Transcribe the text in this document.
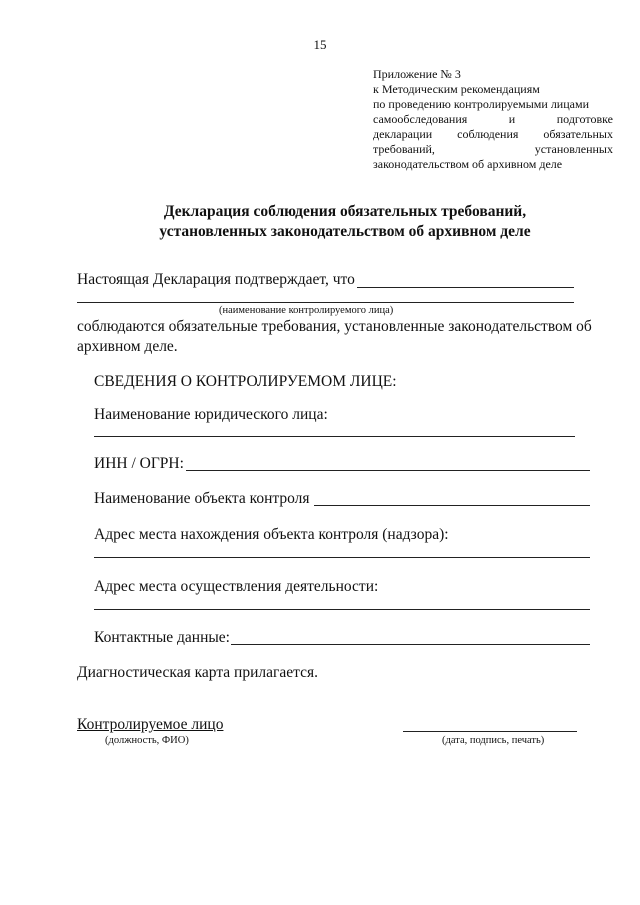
15
Приложение № 3
к Методическим рекомендациям
по проведению контролируемыми лицами
самообследования и подготовке
декларации соблюдения обязательных
требований, установленных
законодательством об архивном деле
Декларация соблюдения обязательных требований,
установленных законодательством об архивном деле
Настоящая Декларация подтверждает, что
(наименование контролируемого лица)
соблюдаются обязательные требования, установленные законодательством об
архивном деле.
СВЕДЕНИЯ О КОНТРОЛИРУЕМОМ ЛИЦЕ:
Наименование юридического лица:
ИНН / ОГРН:
Наименование объекта контроля
Адрес места нахождения объекта контроля (надзора):
Адрес места осуществления деятельности:
Контактные данные:
Диагностическая карта прилагается.
Контролируемое лицо
(должность, ФИО)	(дата, подпись, печать)
